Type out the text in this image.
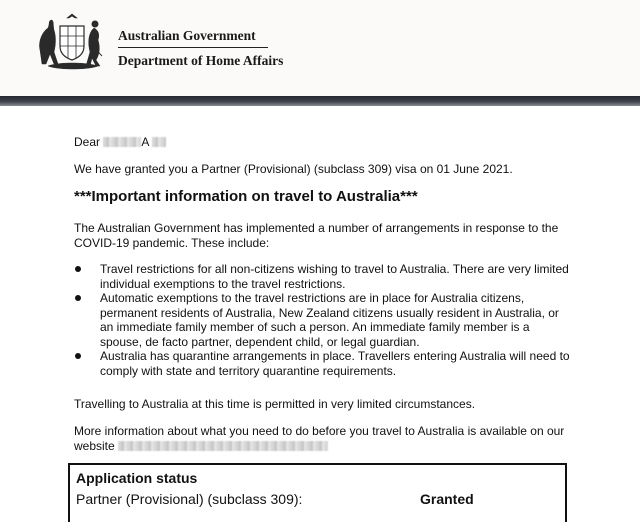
Australian Government
Department of Home Affairs
Dear	A
We have granted you a Partner (Provisional) (subclass 309) visa on 01 June 2021.
***Important information on travel to Australia***
The Australian Government has implemented a number of arrangements in response to the COVID-19 pandemic. These include:
Travel restrictions for all non-citizens wishing to travel to Australia. There are very limited individual exemptions to the travel restrictions.
Automatic exemptions to the travel restrictions are in place for Australia citizens, permanent residents of Australia, New Zealand citizens usually resident in Australia, or an immediate family member of such a person. An immediate family member is a spouse, de facto partner, dependent child, or legal guardian.
Australia has quarantine arrangements in place. Travellers entering Australia will need to comply with state and territory quarantine requirements.
Travelling to Australia at this time is permitted in very limited circumstances.
More information about what you need to do before you travel to Australia is available on our
website
Application status
Partner (Provisional) (subclass 309):	Granted
